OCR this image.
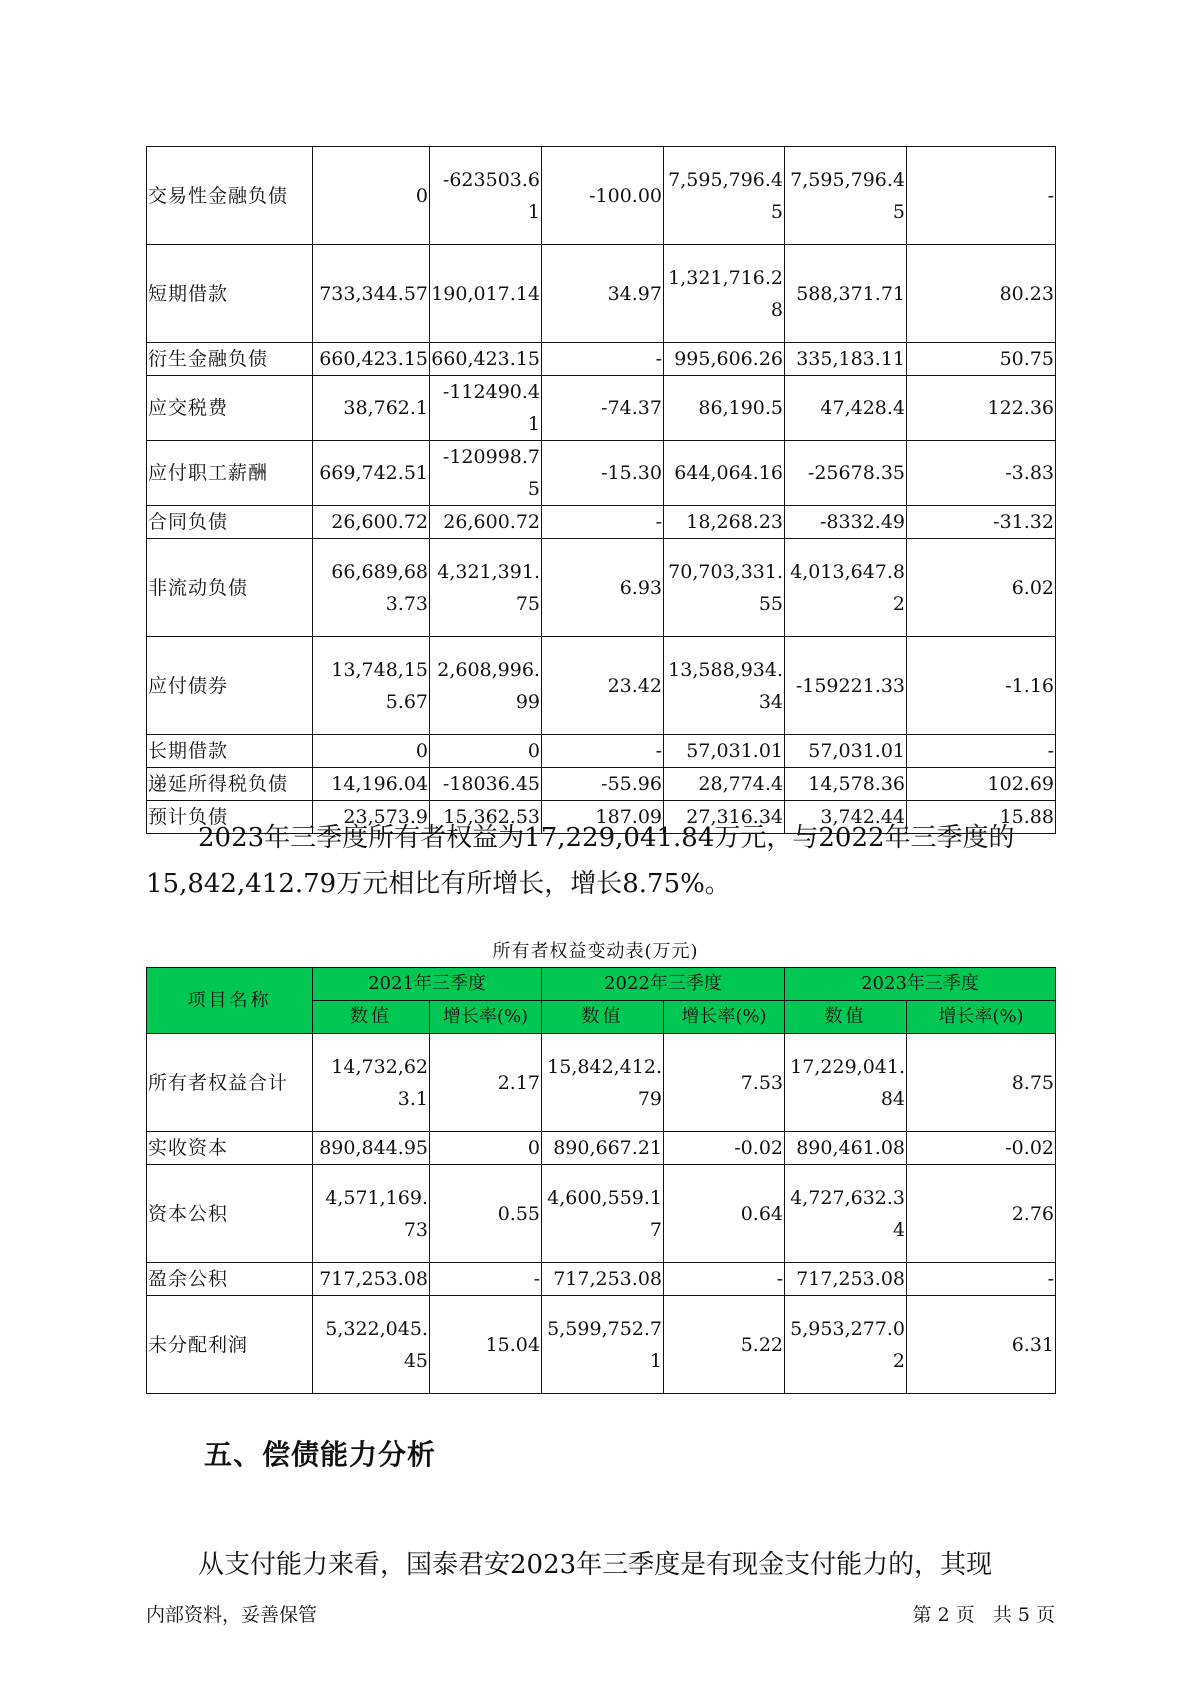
交易性金融负债	0	-623503.61	-100.00	7,595,796.45	7,595,796.45	-
短期借款	733,344.57	190,017.14	34.97	1,321,716.28	588,371.71	80.23
衍生金融负债	660,423.15	660,423.15	-	995,606.26	335,183.11	50.75
应交税费	38,762.1	-112490.41	-74.37	86,190.5	47,428.4	122.36
应付职工薪酬	669,742.51	-120998.75	-15.30	644,064.16	-25678.35	-3.83
合同负债	26,600.72	26,600.72	-	18,268.23	-8332.49	-31.32
非流动负债	66,689,683.73	4,321,391.75	6.93	70,703,331.55	4,013,647.82	6.02
应付债券	13,748,155.67	2,608,996.99	23.42	13,588,934.34	-159221.33	-1.16
长期借款	0	0	-	57,031.01	57,031.01	-
递延所得税负债	14,196.04	-18036.45	-55.96	28,774.4	14,578.36	102.69
预计负债	23,573.9	15,362.53	187.09	27,316.34	3,742.44	15.88

2023年三季度所有者权益为17,229,041.84万元，与2022年三季度的15,842,412.79万元相比有所增长，增长8.75%。

所有者权益变动表(万元)
项目名称	2021年三季度		2022年三季度		2023年三季度	
	数值	增长率(%)	数值	增长率(%)	数值	增长率(%)
所有者权益合计	14,732,623.1	2.17	15,842,412.79	7.53	17,229,041.84	8.75
实收资本	890,844.95	0	890,667.21	-0.02	890,461.08	-0.02
资本公积	4,571,169.73	0.55	4,600,559.17	0.64	4,727,632.34	2.76
盈余公积	717,253.08	-	717,253.08	-	717,253.08	-
未分配利润	5,322,045.45	15.04	5,599,752.71	5.22	5,953,277.02	6.31
五、偿债能力分析

从支付能力来看，国泰君安2023年三季度是有现金支付能力的，其现

内部资料，妥善保管	第 2 页   共 5 页
